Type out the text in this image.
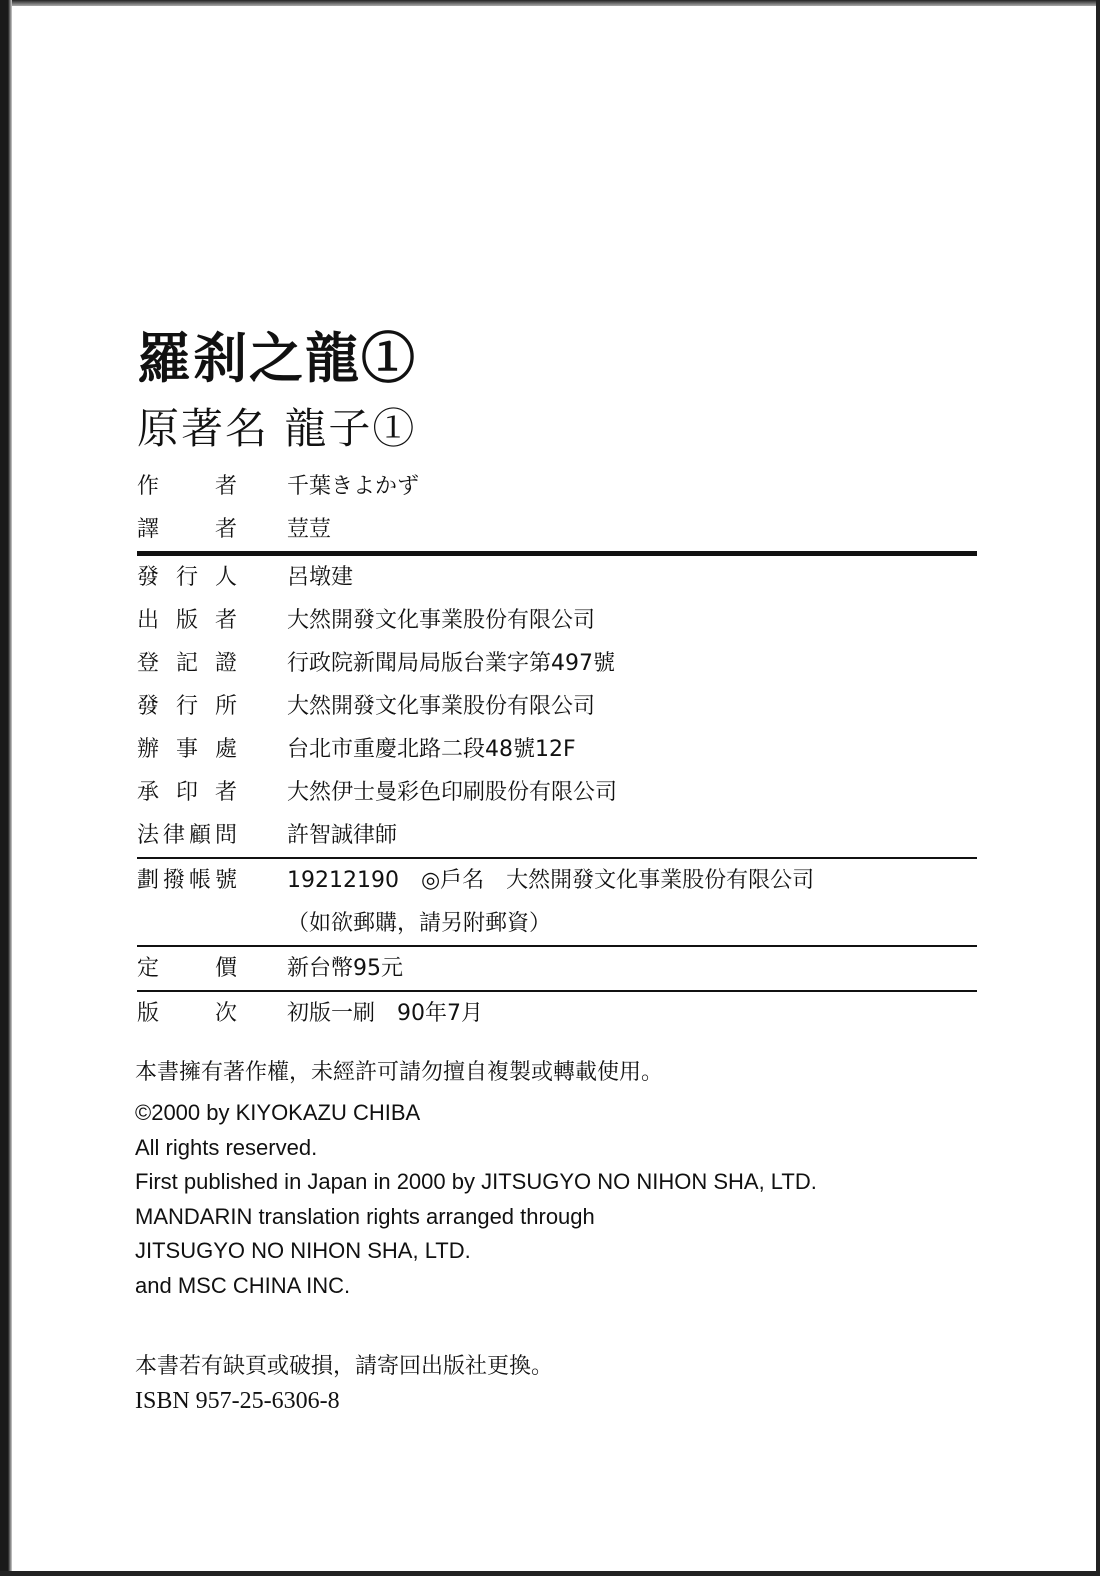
羅刹之龍①
原著名 龍子①
作　者 千葉きよかず
譯　者 荳荳
發行人 呂墩建
出版者 大然開發文化事業股份有限公司
登記證 行政院新聞局局版台業字第497號
發行所 大然開發文化事業股份有限公司
辦事處 台北市重慶北路二段48號12F
承印者 大然伊士曼彩色印刷股份有限公司
法律顧問 許智誠律師
劃撥帳號 19212190　◎戶名　大然開發文化事業股份有限公司
（如欲郵購，請另附郵資）
定　價 新台幣95元
版　次 初版一刷　90年7月
本書擁有著作權，未經許可請勿擅自複製或轉載使用。
©2000 by KIYOKAZU CHIBA
All rights reserved.
First published in Japan in 2000 by JITSUGYO NO NIHON SHA, LTD.
MANDARIN translation rights arranged through
JITSUGYO NO NIHON SHA, LTD.
and MSC CHINA INC.
本書若有缺頁或破損，請寄回出版社更換。
ISBN 957-25-6306-8
